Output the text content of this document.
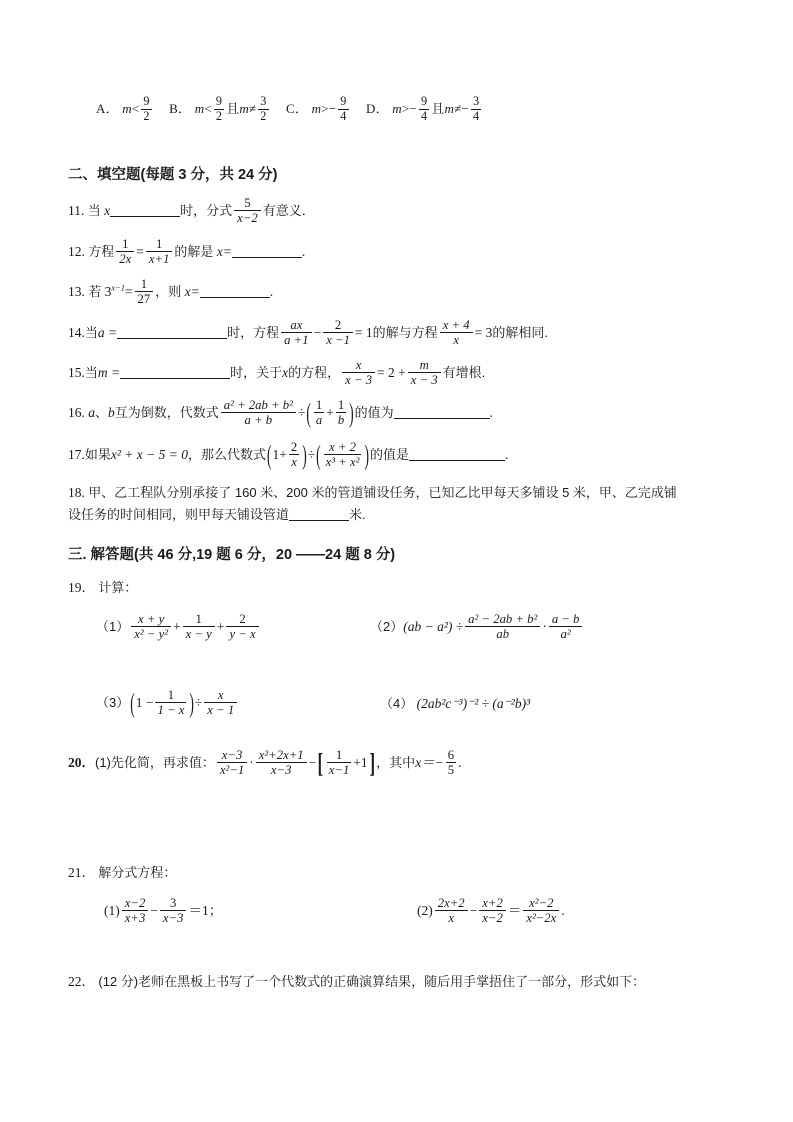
A． $m< \frac{9}{2}$ B． $m< \frac{9}{2}$ 且$m\ne \frac{3}{2}$ C． $m>- \frac{9}{4}$ D． $m>- \frac{9}{4}$ 且$m\ne- \frac{3}{4}$
二、填空题(每题 3 分，共 24 分)
11. 当 x	时，分式 $\frac{5}{x-2}$ 有意义．
12. 方程 $\frac{1}{2x} = \frac{1}{x+1}$ 的解是 x=	.
13. 若 $3^{x-1}= \frac{1}{27}$ ，则 x=	.
14.当a =	时，方程 $\frac{ax}{a +1} - \frac{2}{x -1} = 1$的解与方程 $\frac{x + 4}{x} = 3$的解相同.
15.当m =	时，关于x的方程， $\frac{x}{x - 3} = 2 + \frac{m}{x - 3}$ 有增根.
16. a、b互为倒数，代数式 $\frac{\text{a² + 2ab + b²}}{a + b}$ ÷( $\frac{1}{a} + \frac{1}{b}$ )的值为	.
17.如果x² + x − 5 = 0，那么代数式($1+ \frac{2}{x}$ )÷( $\frac{x + 2}{\text{x³ + x²}}$ )的值是	.
18. 甲、乙工程队分别承接了 160 米、200 米的管道铺设任务，已知乙比甲每天多铺设 5 米，甲、乙完成铺
设任务的时间相同，则甲每天铺设管道	米.
三. 解答题(共 46 分,19 题 6 分，20 ——24 题 8 分)
19． 计算：
$(1) \frac{x + y}{\text{x² − y²}} + \frac{1}{x - y} + \frac{2}{y - x}$	$(2)(ab - a^2) \div \frac{\text{a² − 2ab + b²}}{ab} \cdot \frac{a - b}{\text{a²}}$
$(3)(1 - \frac{1}{1 - x}$ )÷ $\frac{x}{x - 1}$	（4） (2ab²c⁻³)⁻² ÷ (a⁻²b)³
20．(1)先化简，再求值： $\frac{x-3}{\text{x²−1}} \cdot \frac{\text{x²+2x+1}}{x-3}$ −[ $\frac{1}{x-1} +1$]，其中$x=- \frac{6}{5}$ .
21． 解分式方程：
$(1) \frac{x-2}{x+3} - \frac{3}{x-3} =1$；	$(2) \frac{2x+2}{x} - \frac{x+2}{x-2} = \frac{\text{x²−2}}{\text{x²−2x}}$ .
22． (12 分)老师在黑板上书写了一个代数式的正确演算结果，随后用手掌捂住了一部分，形式如下：
